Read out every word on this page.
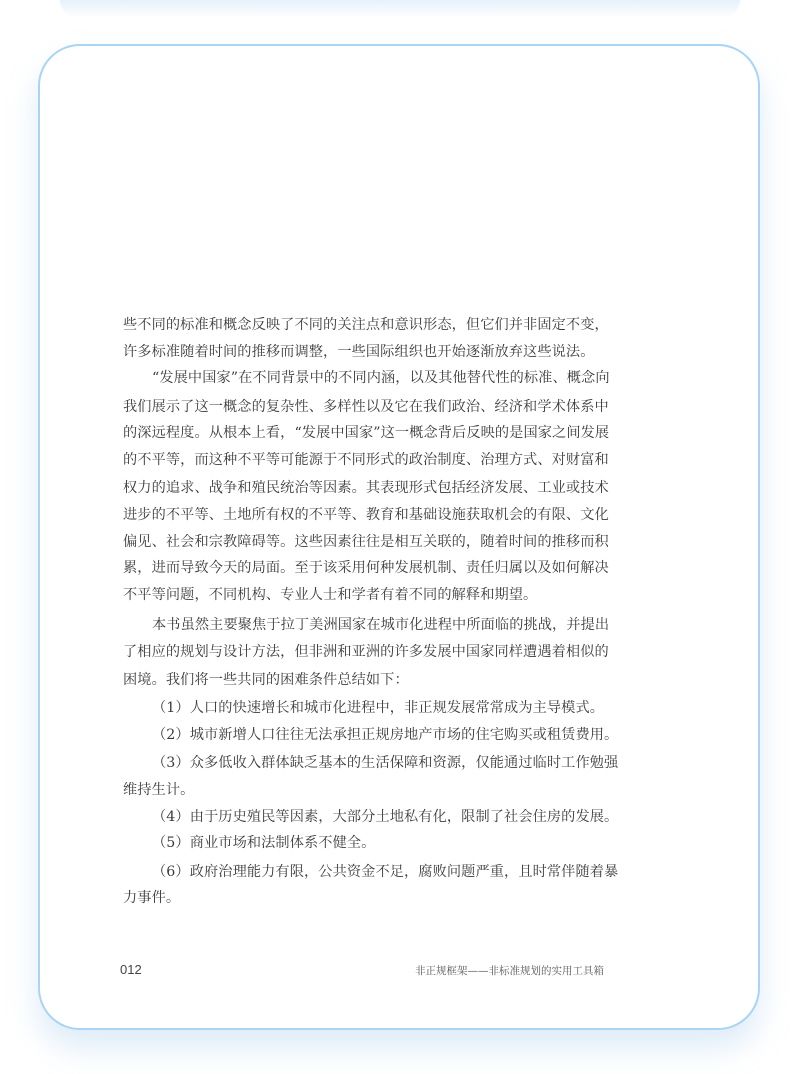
些不同的标准和概念反映了不同的关注点和意识形态，但它们并非固定不变，
许多标准随着时间的推移而调整，一些国际组织也开始逐渐放弃这些说法。
“发展中国家”在不同背景中的不同内涵，以及其他替代性的标准、概念向
我们展示了这一概念的复杂性、多样性以及它在我们政治、经济和学术体系中
的深远程度。从根本上看，“发展中国家”这一概念背后反映的是国家之间发展
的不平等，而这种不平等可能源于不同形式的政治制度、治理方式、对财富和
权力的追求、战争和殖民统治等因素。其表现形式包括经济发展、工业或技术
进步的不平等、土地所有权的不平等、教育和基础设施获取机会的有限、文化
偏见、社会和宗教障碍等。这些因素往往是相互关联的，随着时间的推移而积
累，进而导致今天的局面。至于该采用何种发展机制、责任归属以及如何解决
不平等问题，不同机构、专业人士和学者有着不同的解释和期望。
本书虽然主要聚焦于拉丁美洲国家在城市化进程中所面临的挑战，并提出
了相应的规划与设计方法，但非洲和亚洲的许多发展中国家同样遭遇着相似的
困境。我们将一些共同的困难条件总结如下：
（1）人口的快速增长和城市化进程中，非正规发展常常成为主导模式。
（2）城市新增人口往往无法承担正规房地产市场的住宅购买或租赁费用。
（3）众多低收入群体缺乏基本的生活保障和资源，仅能通过临时工作勉强
维持生计。
（4）由于历史殖民等因素，大部分土地私有化，限制了社会住房的发展。
（5）商业市场和法制体系不健全。
（6）政府治理能力有限，公共资金不足，腐败问题严重，且时常伴随着暴
力事件。
012	非正规框架——非标准规划的实用工具箱
